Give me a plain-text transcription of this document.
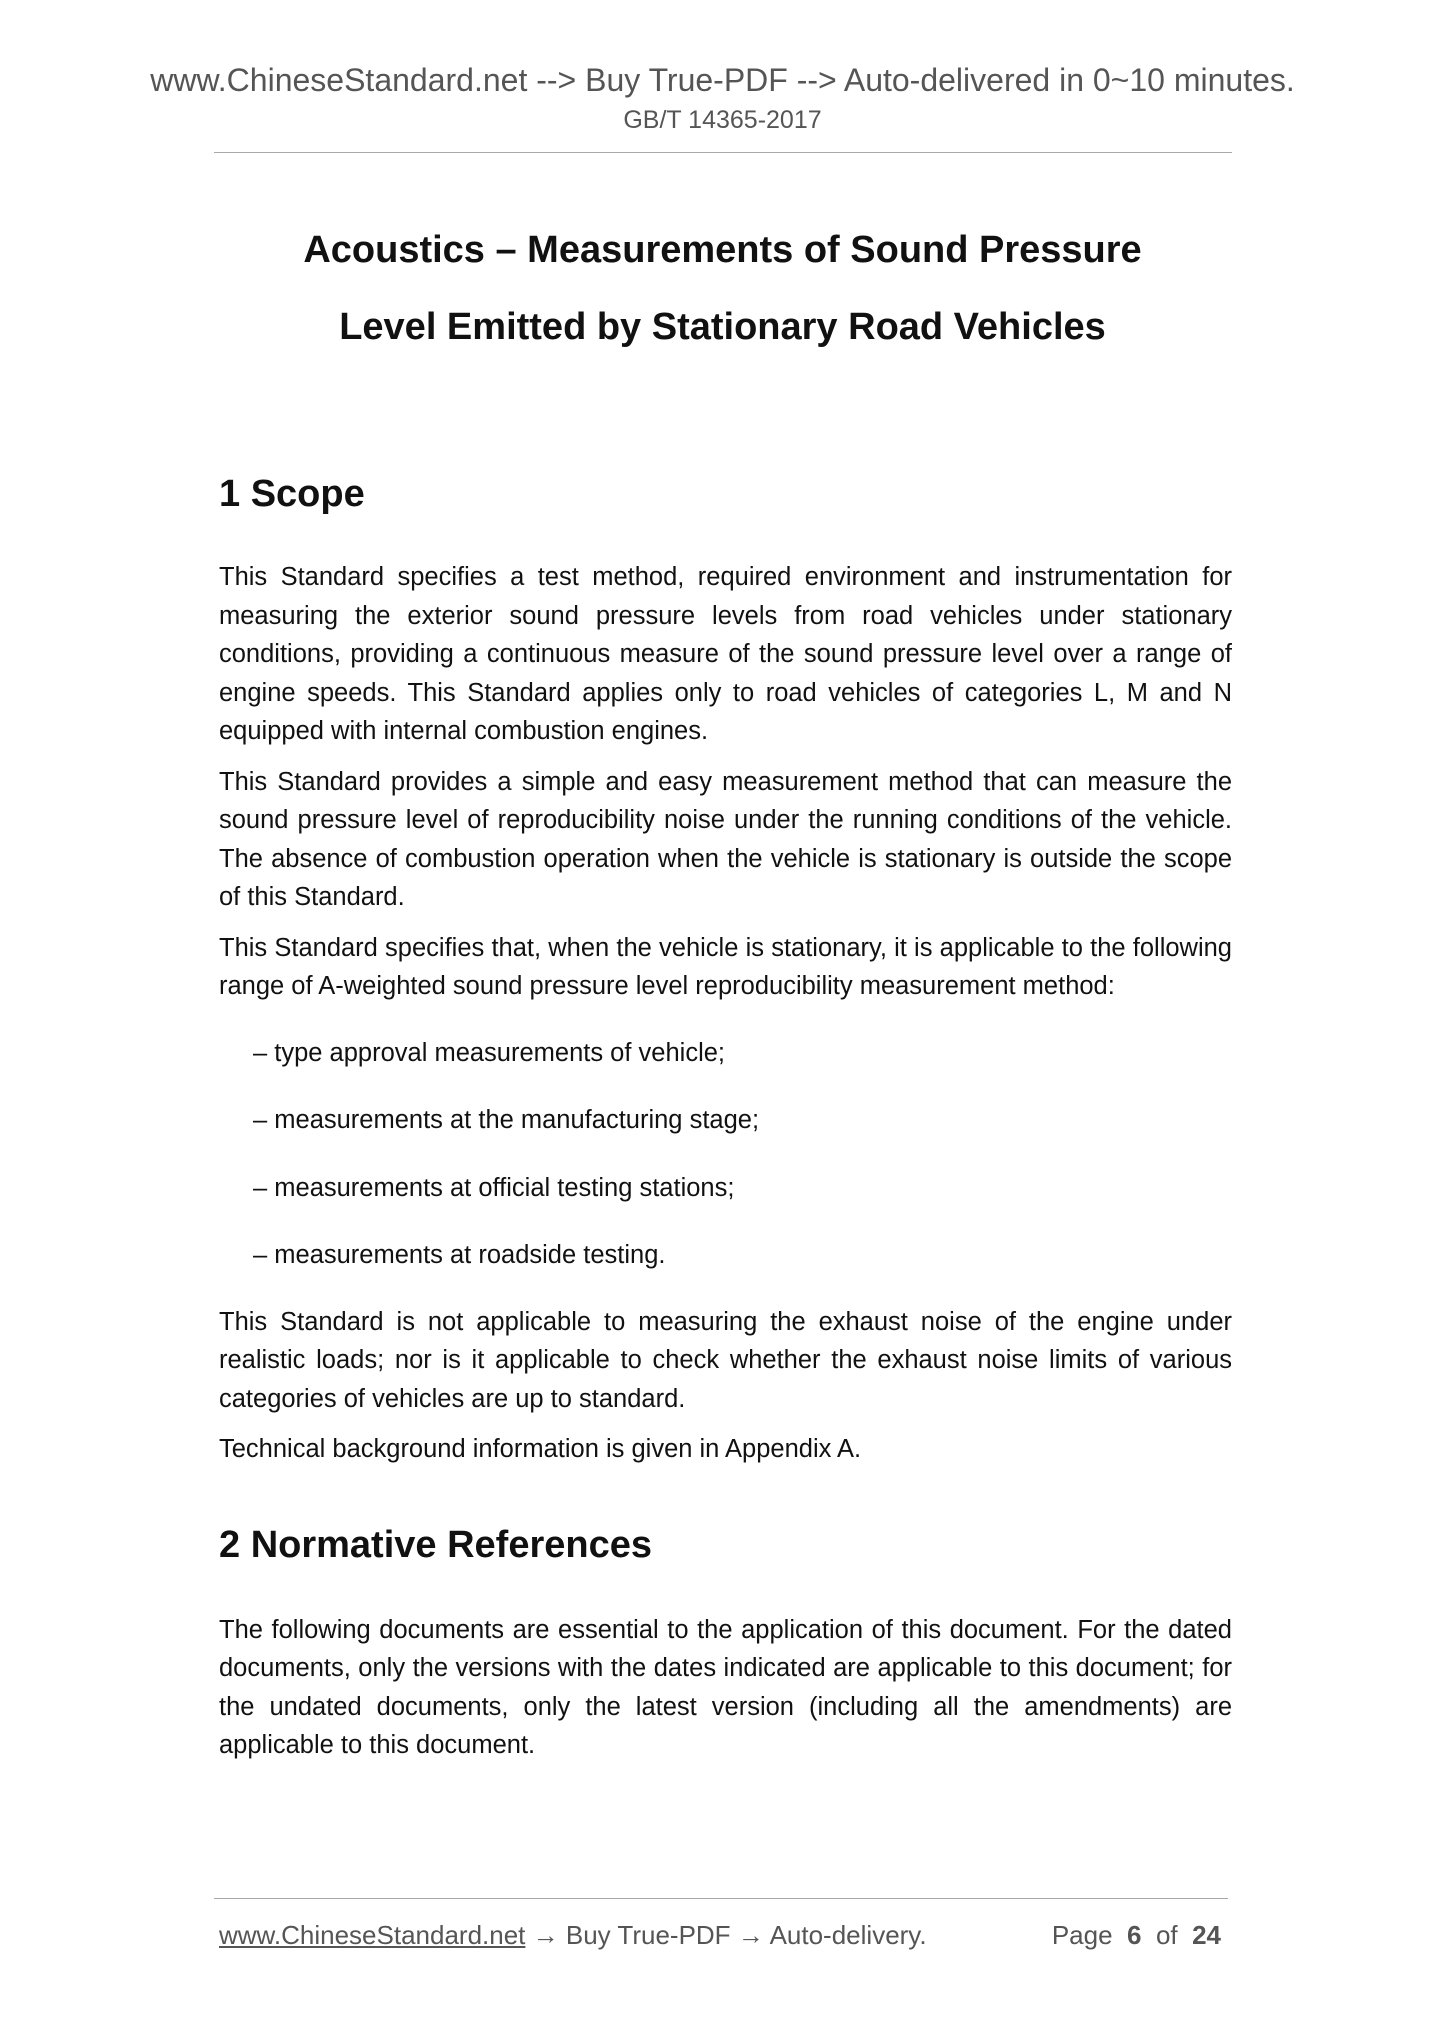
www.ChineseStandard.net --> Buy True-PDF --> Auto-delivered in 0~10 minutes.
GB/T 14365-2017
Acoustics – Measurements of Sound Pressure
Level Emitted by Stationary Road Vehicles
1 Scope

This Standard specifies a test method, required environment and instrumentation for measuring the exterior sound pressure levels from road vehicles under stationary conditions, providing a continuous measure of the sound pressure level over a range of engine speeds. This Standard applies only to road vehicles of categories L, M and N equipped with internal combustion engines.

This Standard provides a simple and easy measurement method that can measure the sound pressure level of reproducibility noise under the running conditions of the vehicle. The absence of combustion operation when the vehicle is stationary is outside the scope of this Standard.

This Standard specifies that, when the vehicle is stationary, it is applicable to the following range of A-weighted sound pressure level reproducibility measurement method:

– type approval measurements of vehicle;

– measurements at the manufacturing stage;

– measurements at official testing stations;

– measurements at roadside testing.

This Standard is not applicable to measuring the exhaust noise of the engine under realistic loads; nor is it applicable to check whether the exhaust noise limits of various categories of vehicles are up to standard.

Technical background information is given in Appendix A.

2 Normative References

The following documents are essential to the application of this document. For the dated documents, only the versions with the dates indicated are applicable to this document; for the undated documents, only the latest version (including all the amendments) are applicable to this document.

www.ChineseStandard.net → Buy True-PDF → Auto-delivery.	Page 6 of 24
